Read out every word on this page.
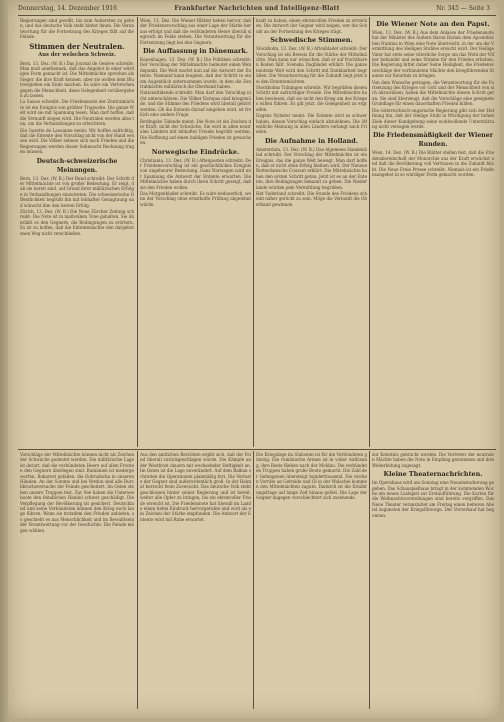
Donnerstag, 14. Dezember 1916	Frankfurter Nachrichten und Intelligenz-Blatt	Nr. 345 — Seite 3

Regierungen sind gewillt, bis zum Äußersten zu gehen, und das deutsche Volk steht hinter ihnen. Die Verantwortung für die Fortsetzung des Krieges fällt auf die Feinde.

Stimmen der Neutralen.
Aus der welschen Schweiz.

Bern, 13. Dez. (W. B.) Das Journal de Genève schreibt: Man muß anerkennen, daß das Angebot in einer würdigen Form gemacht ist. Die Mittelmächte sprechen als Sieger, die ihre Kraft kennen, aber sie wollen dem Blutvergießen ein Ende machen. Es wäre ein Verbrechen gegen die Menschheit, diese Gelegenheit vorübergehen zu lassen.

La Suisse schreibt: Die Friedensnote der Zentralmächte ist ein Ereignis von größter Tragweite. Die ganze Welt wird sie mit Spannung lesen. Man darf hoffen, daß die Vernunft siegen wird. Die Neutralen werden alles tun, um die Verhandlungen zu erleichtern.

Die Gazette de Lausanne meint: Wir hoffen aufrichtig, daß die Entente den Vorschlag nicht von der Hand weisen wird. Die Völker sehnen sich nach Frieden und die Regierungen werden dieser Sehnsucht Rechnung tragen müssen.

Deutsch-schweizerische Meinungen.

Bern, 13. Dez. (W. B.) Der Bund schreibt: Der Schritt der Mittelmächte ist von großer Bedeutung. Er zeigt, daß sie bereit sind, auf Grund ihrer militärischen Erfolge in Verhandlungen einzutreten. Die schweizerische Öffentlichkeit begrüßt ihn mit lebhafter Genugtuung und wünscht ihm den besten Erfolg.

Zürich, 13. Dez. (W. B.) Die Neue Zürcher Zeitung schreibt: Die Note ist in maßvollem Tone gehalten. Sie überläßt es den Gegnern, die Bedingungen zu erörtern. Es ist zu hoffen, daß die Ententemächte den dargebotenen Weg nicht verschließen.

Wien, 13. Dez. Die Wiener Blätter heben hervor, daß der Friedensvorschlag aus einer Lage der Stärke heraus erfolgt und daß die verbündeten Heere überall siegreich im Felde stehen. Die Verantwortung für die Fortsetzung liegt bei den Gegnern.

Die Auffassung in Dänemark.

Kopenhagen, 13. Dez. (W. B.) Die Politiken schreibt: Der Vorschlag der Mittelmächte bedeutet einen Wendepunkt. Die Welt wartet nun auf die Antwort der Entente. Niemand kann leugnen, daß der Schritt in einem Augenblick unternommen wurde, in dem die Zentralmächte militärisch die Oberhand haben.

Nationaltidende schreibt: Man darf den Vorschlag nicht unterschätzen. Die Völker Europas sind kriegsmüde, und die Stimme des Friedens wird überall gehört werden. Ob die Entente darauf eingehen wird, ist freilich eine andere Frage.

Berlingske Tidende meint: Die Note ist ein Zeichen der Kraft, nicht der Schwäche. Sie wird in allen neutralen Ländern mit lebhafter Freude begrüßt werden. Die Hoffnung auf einen baldigen Frieden ist gewachsen.

Norwegische Eindrücke.

Christiania, 13. Dez. (W. B.) Aftenposten schreibt: Der Friedensvorschlag ist ein geschichtliches Ereignis von ungeheurer Bedeutung. Ganz Norwegen wird mit Spannung die Antwort der Entente erwarten. Die Mittelmächte haben durch ihren Schritt gezeigt, daß sie den Frieden wollen.

Das Morgenbladet schreibt: Es wäre bedauerlich, wenn der Vorschlag ohne ernsthafte Prüfung abgelehnt würde.

kraft zu haben, einen ehrenvollen Frieden zu erreichen. Die Antwort der Gegner wird zeigen, wer die Schuld an der Fortsetzung des Krieges trägt.

Schwedische Stimmen.

Stockholm, 13. Dez. (W. B.) Aftonbladet schreibt: Der Vorschlag ist ein Beweis für die Stärke der Mittelmächte. Man kann nur wünschen, daß er auf fruchtbaren Boden fällt. Svenska Dagbladet erklärt: Die ganze neutrale Welt wird den Schritt mit Dankbarkeit begrüßen. Die Verantwortung für die Zukunft liegt jetzt bei den Ententemächten.

Stockholms Tidningen schreibt: Wir begrüßen diesen Schritt mit aufrichtiger Freude. Die Mittelmächte haben bewiesen, daß sie nicht den Krieg um des Krieges willen führen. Es gilt jetzt, die Gelegenheit zu ergreifen.

Dagens Nyheter meint: Die Entente wird es schwer haben, diesen Vorschlag einfach abzulehnen. Die öffentliche Meinung in allen Ländern verlangt nach Frieden.

Die Aufnahme in Holland.

Amsterdam, 13. Dez. (W. B.) Das Algemeen Handelsblad schreibt: Der Vorschlag der Mittelmächte ist ein Ereignis, das die ganze Welt bewegt. Man darf hoffen, daß er nicht ohne Erfolg bleiben wird. Der Nieuwe Rotterdamsche Courant erklärt: Die Mittelmächte haben den ersten Schritt getan. Jetzt ist es an der Entente, ihre Bedingungen bekannt zu geben. Die Niederlande würden jede Vermittlung begrüßen.

Het Vaderland schreibt: Die Stunde des Friedens scheint näher gerückt zu sein. Möge die Vernunft die Oberhand gewinnen.

Die Wiener Note an den Papst.

Wien, 13. Dez. (W. B.) Aus dem Anlasse der Friedensnote hat der Minister des Äußern Baron Burian dem Apostolischen Nuntius in Wien eine Note überreicht, in der um die Vermittlung des Heiligen Stuhles ersucht wird. Der Heilige Vater hat stets seine väterliche Sorge um das Wohl der Völker bekundet und seine Stimme für den Frieden erhoben. Die Regierung bittet daher Seine Heiligkeit, die Friedensvorschläge der verbündeten Mächte den kriegführenden Staaten zur Kenntnis zu bringen.

Von dem Wunsche getragen, die Verantwortung für die Fortsetzung des Krieges vor Gott und der Menschheit von sich abzuwälzen, haben die Mittelmächte diesen Schritt getan. Sie sind überzeugt, daß die Vorschläge eine geeignete Grundlage für einen dauerhaften Frieden bilden.

Die österreichisch-ungarische Regierung gibt sich der Hoffnung hin, daß der Heilige Stuhl in Würdigung der hohen Ziele dieser Kundgebung seine wohlwollende Unterstützung nicht versagen werde.

Die Friedensmäßigkeit der Wiener Runden.

Wien, 14. Dez. (W. B.) Die Blätter stellen fest, daß die Friedensbereitschaft der Monarchie aus der Kraft erwächst und daß die Bevölkerung voll Vertrauen in die Zukunft blickt. Die Neue Freie Presse schreibt: Niemals ist ein Friedensangebot in so würdiger Form gemacht worden.

Vorschläge der Mittelmächte können nicht als Zeichen der Schwäche gedeutet werden. Die militärische Lage ist derart, daß die verbündeten Heere auf allen Fronten den Gegnern überlegen sind. Rumänien ist niedergeworfen, Bukarest gefallen, die Dobrudscha in unseren Händen. An der Somme und bei Verdun sind alle Durchbruchsversuche der Feinde gescheitert. Im Osten stehen unsere Truppen fest. Zur See haben die Unterseeboote den feindlichen Handel schwer geschädigt. Die Verpflegung der Bevölkerung ist gesichert. Deutschland und seine Verbündeten können den Krieg noch lange führen. Wenn sie trotzdem den Frieden anbieten, so geschieht es aus Menschlichkeit und im Bewußtsein der Verantwortung vor der Geschichte. Die Feinde mögen wählen.

Aus den amtlichen Berichten ergibt sich, daß der Feind überall zurückgeschlagen wurde. Die Kämpfe an der Westfront dauern mit wechselnder Heftigkeit an. Im Osten ist die Lage unverändert. Auf dem Balkan schreiten die Operationen planmäßig fort. Die Verluste der Gegner sind außerordentlich groß. In der Heimat herrscht feste Zuversicht. Das deutsche Volk steht geschlossen hinter seiner Regierung und ist bereit, weiter alle Opfer zu bringen, bis ein ehrenvoller Friede erreicht ist. Die Friedensnote hat überall im Lande einen tiefen Eindruck hervorgerufen und wird als ein Zeichen der Stärke empfunden. Die Antwort der Entente wird mit Ruhe erwartet.

Die Kriegslage im Südosten ist für die Verbündeten günstig. Die rumänische Armee ist in voller Auflösung, ihre Reste fliehen nach der Moldau. Die verbündeten Truppen haben große Beute gemacht. Die Zahl der Gefangenen übersteigt hunderttausend. Die reichen Vorräte an Getreide und Öl in der Walachei kommen den Mittelmächten zugute. Dadurch ist die Ernährungsfrage auf lange Zeit hinaus gelöst. Die Lage der Gegner dagegen verschlechtert sich zusehends.

zur Kenntnis gebracht werden. Die Vertreter der neutralen Mächte haben die Note in Empfang genommen und ihre Weiterleitung zugesagt.

Kleine Theaternachrichten.

Im Opernhaus wird am Sonntag eine Neueinstudierung gegeben. Das Schauspielhaus bringt in der kommenden Woche ein neues Lustspiel zur Erstaufführung. Die Karten für die Weihnachtsvorstellungen sind bereits vergriffen. Das Neue Theater veranstaltet am Freitag einen heiteren Abend zugunsten der Kriegsfürsorge. Der Vorverkauf hat begonnen.
